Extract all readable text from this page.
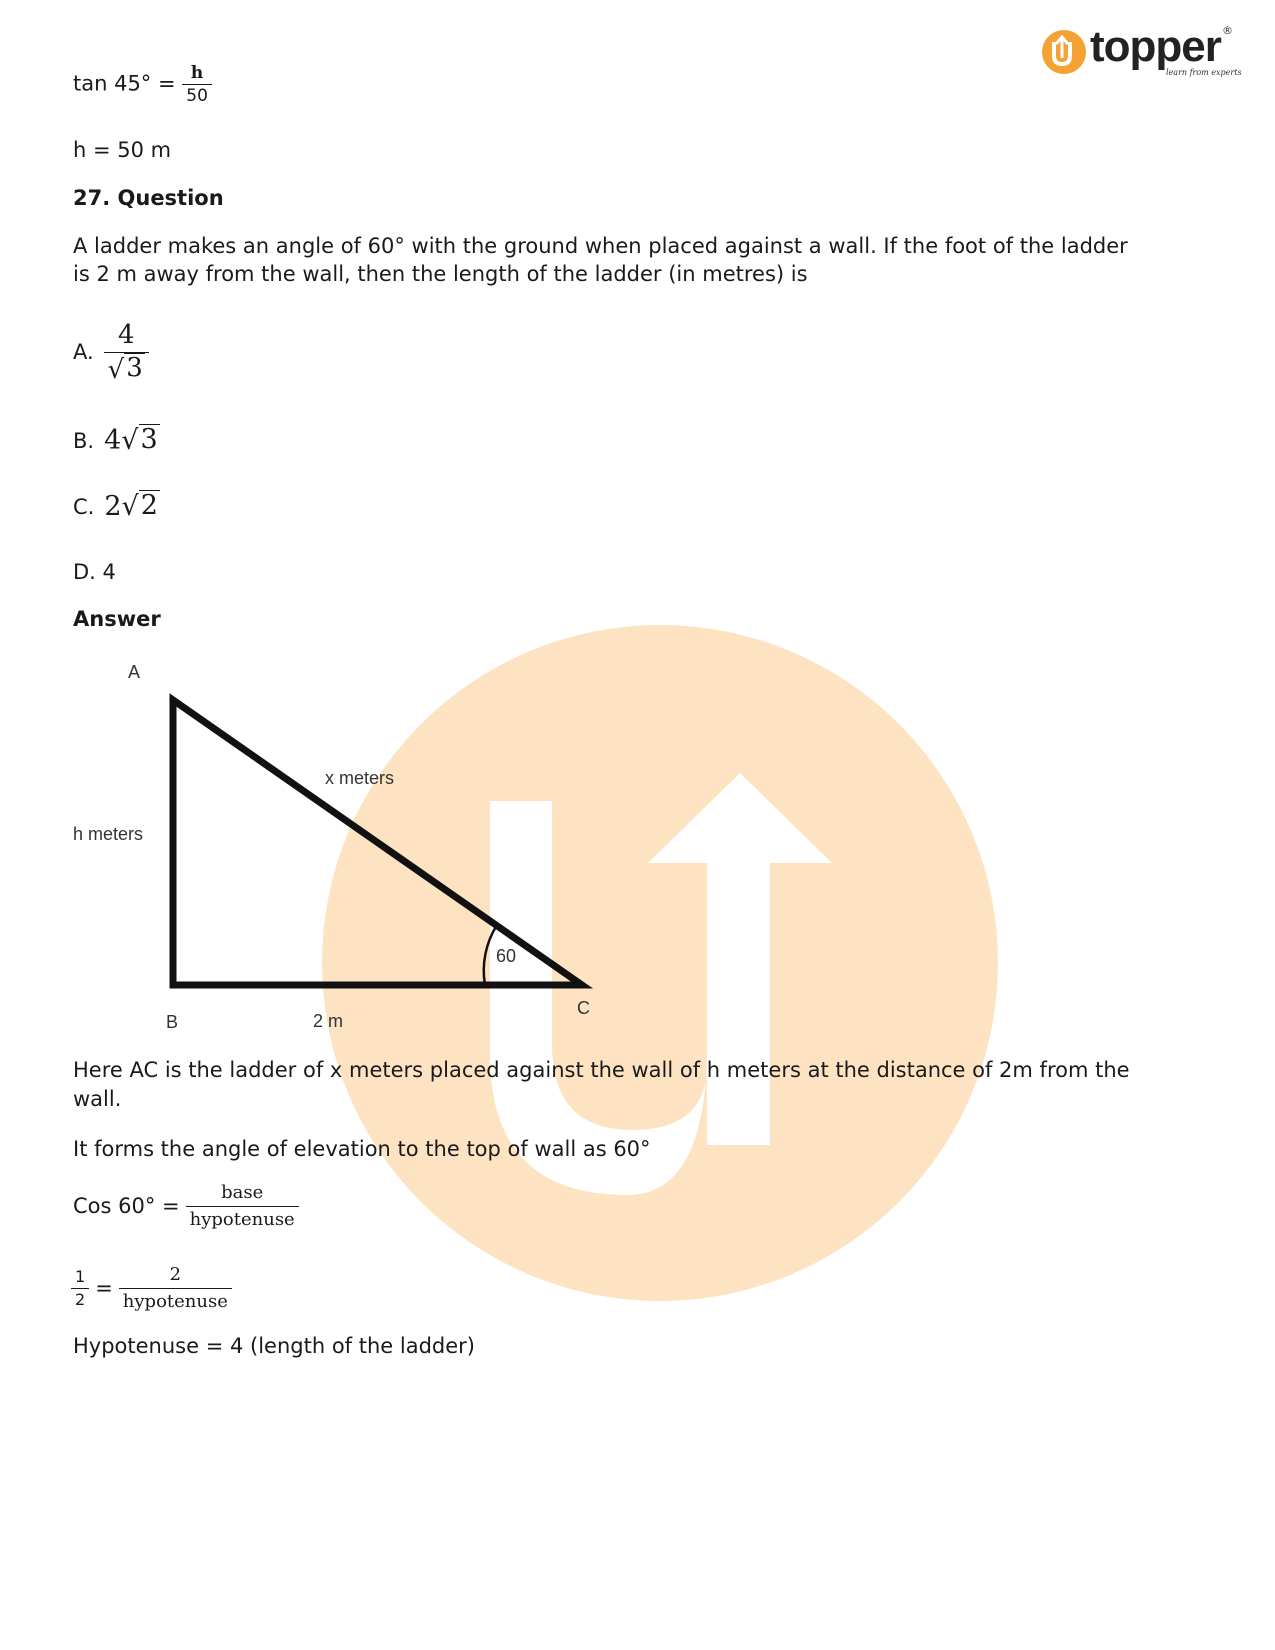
topper ®
learn from experts
$\tan 45^\circ = \frac{h}{50}$
h = 50 m
27. Question
A ladder makes an angle of 60° with the ground when placed against a wall. If the foot of the ladder
is 2 m away from the wall, then the length of the ladder (in metres) is
A. $\frac{4}{√ 3}$
B. 4 √ 3
C. 2 √ 2
D. 4
Answer
A
B
C
h meters
x meters
60
2 m
Here AC is the ladder of x meters placed against the wall of h meters at the distance of 2m from the
wall.
It forms the angle of elevation to the top of wall as 60°
Cos $60^\circ = \frac{\text{base}}{\text{hypotenuse}}$
$\frac{1}{2} = \frac{2}{\text{hypotenuse}}$
Hypotenuse = 4 (length of the ladder)
